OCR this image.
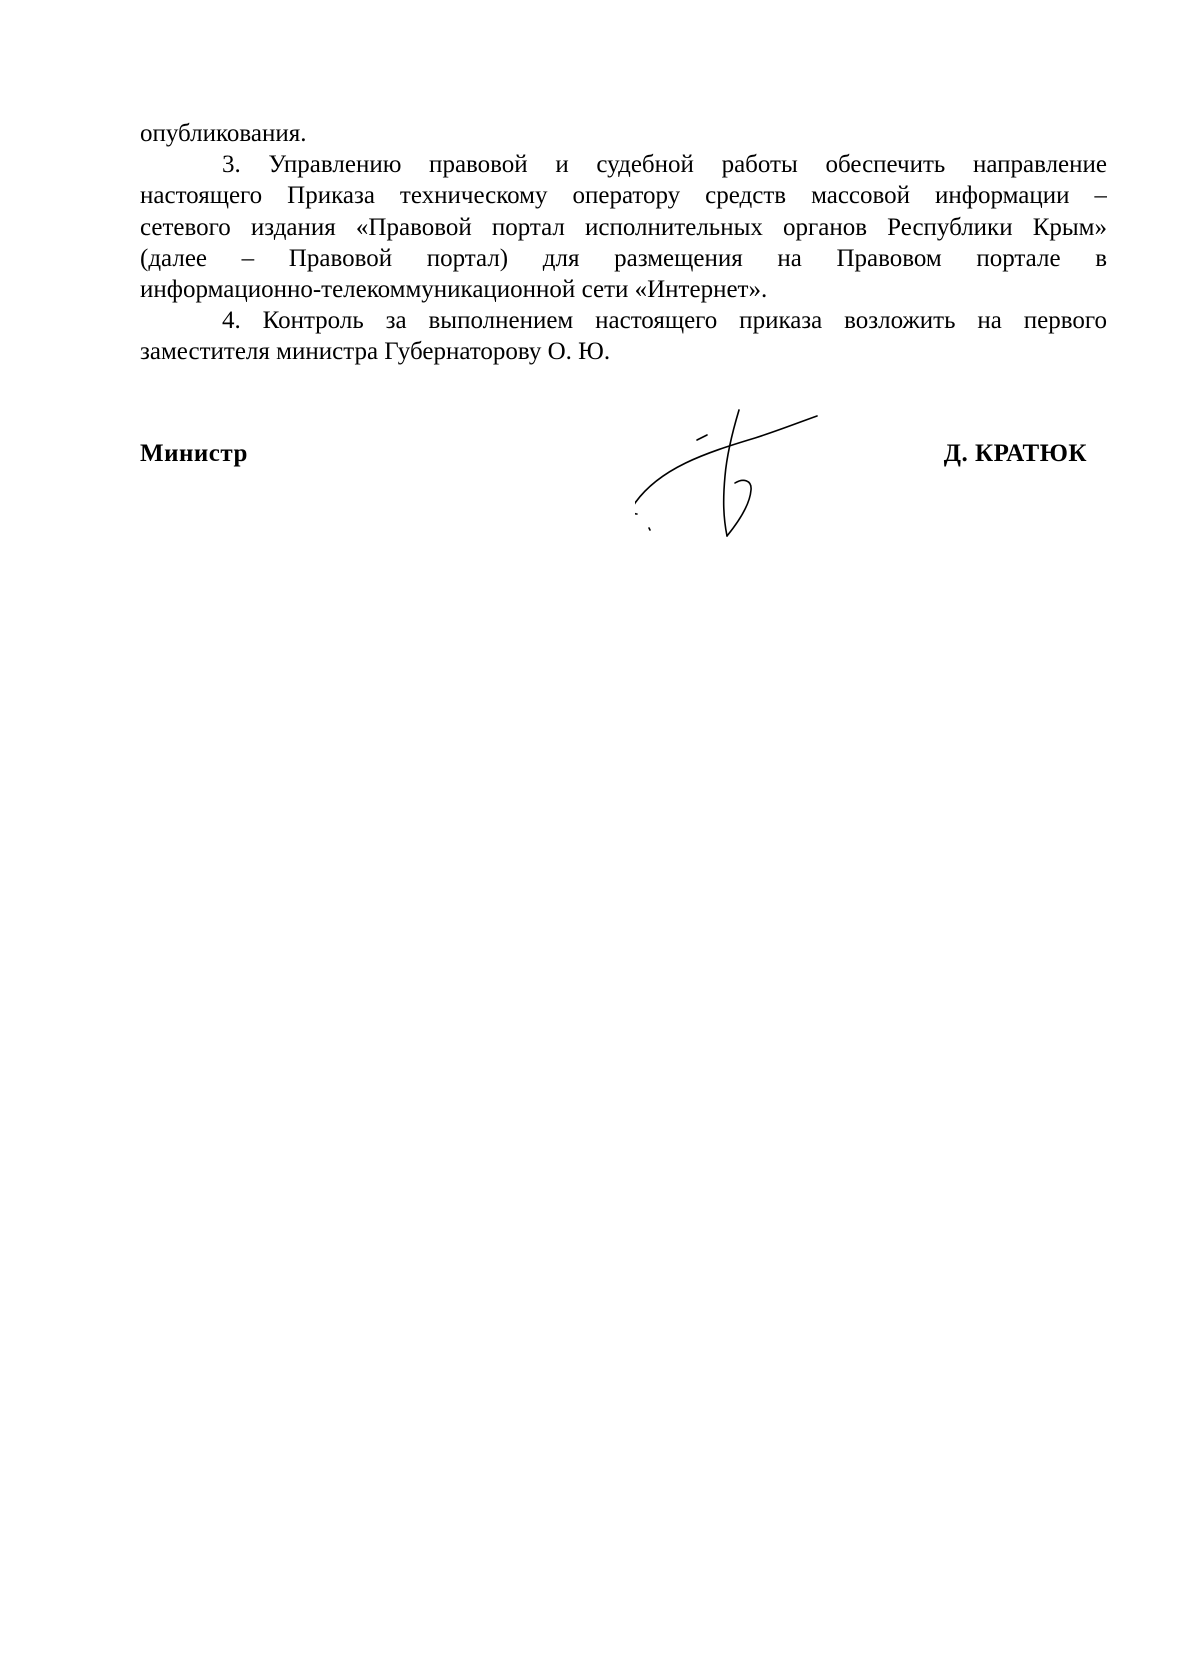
опубликования.
3. Управлению правовой и судебной работы обеспечить направление
настоящего Приказа техническому оператору средств массовой информации –
сетевого издания «Правовой портал исполнительных органов Республики Крым»
(далее – Правовой портал) для размещения на Правовом портале в
информационно-телекоммуникационной сети «Интернет».
4. Контроль за выполнением настоящего приказа возложить на первого
заместителя министра Губернаторову О. Ю.
Министр	Д. КРАТЮК
